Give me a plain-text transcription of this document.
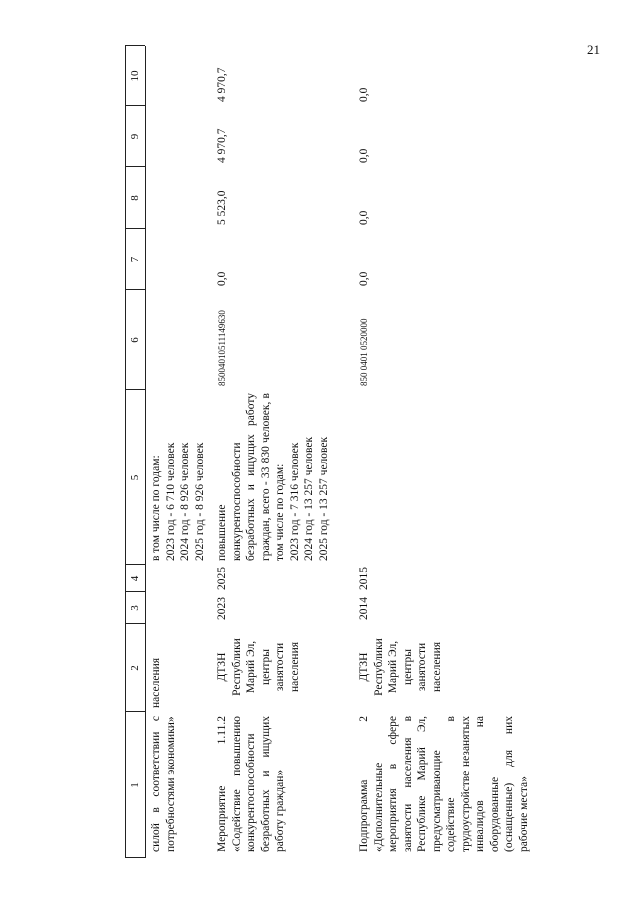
21
1
2
3
4
5
6
7
8
9
10
силой в соответствии с потребностями экономики»
населения
в том числе по годам:
2023 год - 6 710 человек
2024 год - 8 926 человек
2025 год - 8 926 человек
Мероприятие 1.11.2 «Содействие повышению конкурентоспособности безработных и ищущих работу граждан»
ДТЗН Республики Марий Эл, центры занятости населения
2023
2025
повышение конкурентоспособности безработных и ищущих работу граждан, всего - 33 830 человек, в том числе по годам:
2023 год - 7 316 человек
2024 год - 13 257 человек
2025 год - 13 257 человек
85004010511149630
0,0
5 523,0
4 970,7
4 970,7
Подпрограмма 2 «Дополнительные мероприятия в сфере занятости населения в Республике Марий Эл, предусматривающие содействие в трудоустройстве незанятых инвалидов на оборудованные (оснащенные) для них рабочие места»
ДТЗН Республики Марий Эл, центры занятости населения
2014
2015
850 0401 0520000
0,0
0,0
0,0
0,0
